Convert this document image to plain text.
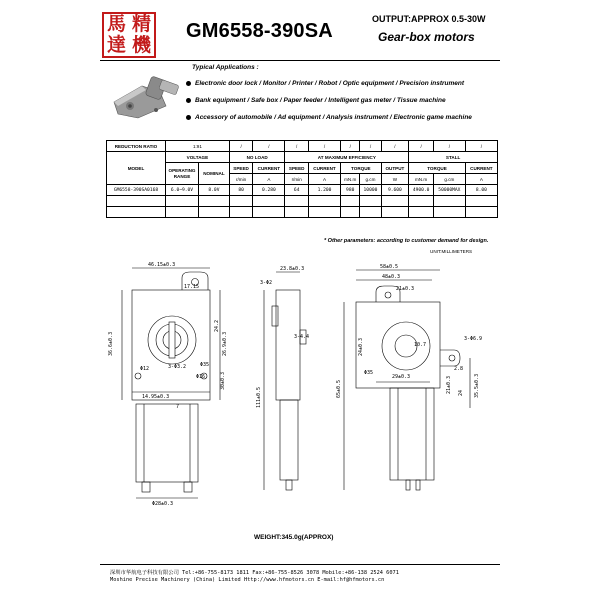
馬 精
達 機
GM6558-390SA
OUTPUT:APPROX 0.5-30W
Gear-box motors
Typical Applications :
Electronic door lock / Monitor / Printer / Robot / Optic equipment / Precision instrument
Bank equipment / Safe box / Paper feeder / Intelligent gas meter / Tissue machine
Accessory of automobile / Ad equipment / Analysis instrument / Electronic game machine
REDUCTION RATIO	1:91		/	/	/	/	/	/	/	/	/	/
MODEL	VOLTAGE		NO LOAD		AT MAXIMUM EFFICIENCY					STALL		
	OPERATING RANGE	NOMINAL	SPEED	CURRENT	SPEED	CURRENT	TORQUE		OUTPUT	TORQUE		CURRENT
			r/min	A	r/min	A	mN.m	g.cm	W	mN.m	g.cm	A
GM6558-390SA0168	6.0~9.0V	8.0V	80	0.280	64	1.200	980	10000	9.600	4900.0	50000MAX	8.00

* Other parameters: according to customer demand for design.
UNIT:MILLIMETERS
46.15±0.3
17.15
36.6±0.3	26.9±0.3
24.2
3-Φ3.2
Φ12
Φ35
Φ16	30±0.3
14.95±0.3
Φ28±0.3
7
23.8±0.3
3-Φ2
3-4.4
111±0.5
58±0.5
48±0.3
21±0.3
24±0.3	10.7
65±0.5
3-Φ6.9
Φ35
29±0.3	35.5±0.3
21±0.3 24
2.8
WEIGHT:345.0g(APPROX)
深圳市华航电子科技有限公司 Tel:+86-755-8173 1811 Fax:+86-755-8526 3078 Mobile:+86-138 2524 6071
Moshine Precise Machinery (China) Limited Http://www.hfmotors.cn E-mail:hf@hfmotors.cn
